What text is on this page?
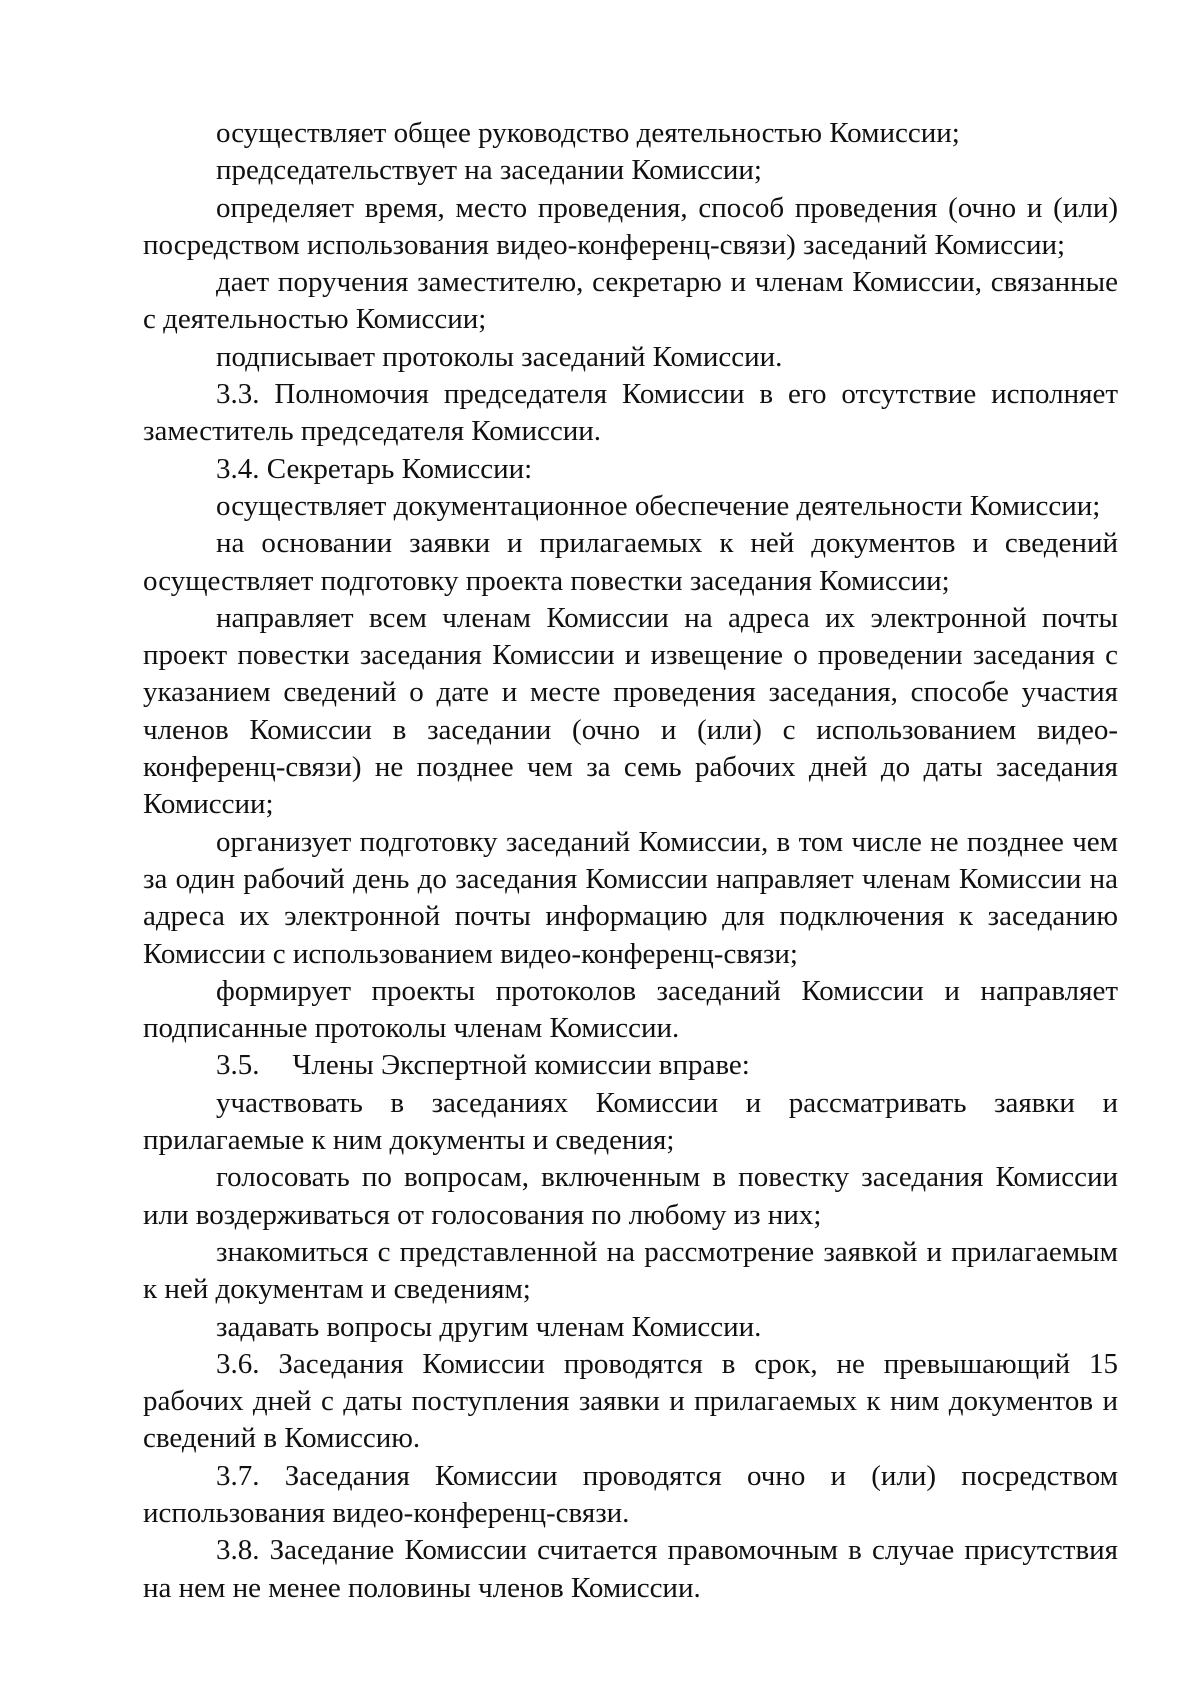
осуществляет общее руководство деятельностью Комиссии;

председательствует на заседании Комиссии;

определяет время, место проведения, способ проведения (очно и (или) посредством использования видео-конференц-связи) заседаний Комиссии;

дает поручения заместителю, секретарю и членам Комиссии, связанные с деятельностью Комиссии;

подписывает протоколы заседаний Комиссии.

3.3. Полномочия председателя Комиссии в его отсутствие исполняет заместитель председателя Комиссии.

3.4. Секретарь Комиссии:

осуществляет документационное обеспечение деятельности Комиссии;

на основании заявки и прилагаемых к ней документов и сведений осуществляет подготовку проекта повестки заседания Комиссии;

направляет всем членам Комиссии на адреса их электронной почты проект повестки заседания Комиссии и извещение о проведении заседания с указанием сведений о дате и месте проведения заседания, способе участия членов Комиссии в заседании (очно и (или) с использованием видео-конференц-связи) не позднее чем за семь рабочих дней до даты заседания Комиссии;

организует подготовку заседаний Комиссии, в том числе не позднее чем за один рабочий день до заседания Комиссии направляет членам Комиссии на адреса их электронной почты информацию для подключения к заседанию Комиссии с использованием видео-конференц-связи;

формирует проекты протоколов заседаний Комиссии и направляет подписанные протоколы членам Комиссии.

3.5. Члены Экспертной комиссии вправе:

участвовать в заседаниях Комиссии и рассматривать заявки и прилагаемые к ним документы и сведения;

голосовать по вопросам, включенным в повестку заседания Комиссии или воздерживаться от голосования по любому из них;

знакомиться с представленной на рассмотрение заявкой и прилагаемым к ней документам и сведениям;

задавать вопросы другим членам Комиссии.

3.6. Заседания Комиссии проводятся в срок, не превышающий 15 рабочих дней с даты поступления заявки и прилагаемых к ним документов и сведений в Комиссию.

3.7. Заседания Комиссии проводятся очно и (или) посредством использования видео-конференц-связи.

3.8. Заседание Комиссии считается правомочным в случае присутствия на нем не менее половины членов Комиссии.
